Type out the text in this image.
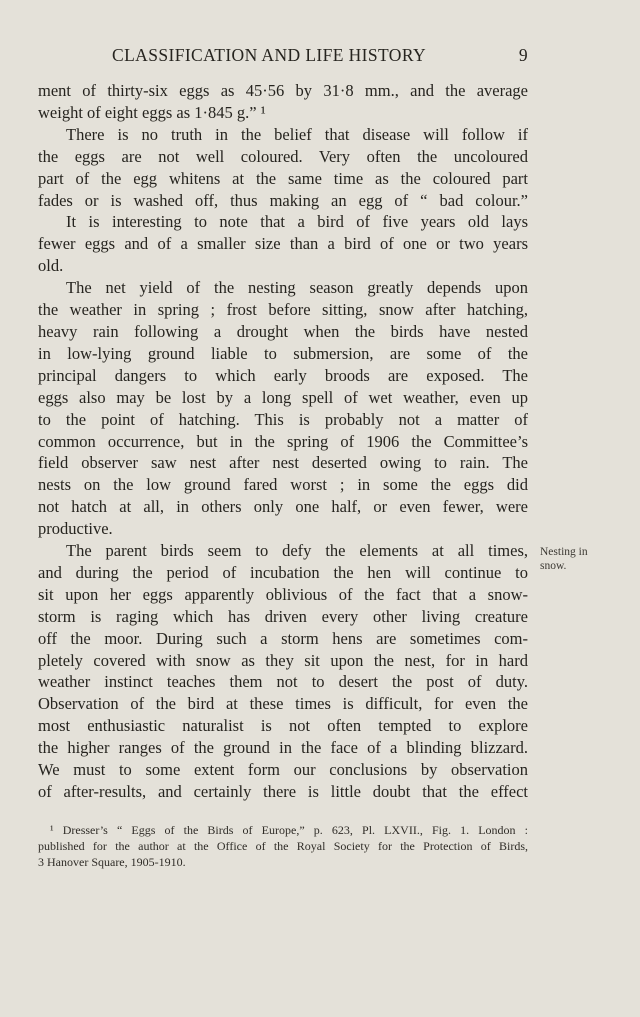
CLASSIFICATION AND LIFE HISTORY	9
ment of thirty-six eggs as 45·56 by 31·8 mm., and the average
weight of eight eggs as 1·845 g.” ¹
There is no truth in the belief that disease will follow if
the eggs are not well coloured. Very often the uncoloured
part of the egg whitens at the same time as the coloured part
fades or is washed off, thus making an egg of “ bad colour.”
It is interesting to note that a bird of five years old lays
fewer eggs and of a smaller size than a bird of one or two years
old.
The net yield of the nesting season greatly depends upon
the weather in spring ; frost before sitting, snow after hatching,
heavy rain following a drought when the birds have nested
in low-lying ground liable to submersion, are some of the
principal dangers to which early broods are exposed. The
eggs also may be lost by a long spell of wet weather, even up
to the point of hatching. This is probably not a matter of
common occurrence, but in the spring of 1906 the Committee’s
field observer saw nest after nest deserted owing to rain. The
nests on the low ground fared worst ; in some the eggs did
not hatch at all, in others only one half, or even fewer, were
productive.
The parent birds seem to defy the elements at all times,
and during the period of incubation the hen will continue to
sit upon her eggs apparently oblivious of the fact that a snow-
storm is raging which has driven every other living creature
off the moor. During such a storm hens are sometimes com-
pletely covered with snow as they sit upon the nest, for in hard
weather instinct teaches them not to desert the post of duty.
Observation of the bird at these times is difficult, for even the
most enthusiastic naturalist is not often tempted to explore
the higher ranges of the ground in the face of a blinding blizzard.
We must to some extent form our conclusions by observation
of after-results, and certainly there is little doubt that the effect
Nesting in
snow.
¹ Dresser’s “ Eggs of the Birds of Europe,” p. 623, Pl. LXVII., Fig. 1. London :
published for the author at the Office of the Royal Society for the Protection of Birds,
3 Hanover Square, 1905-1910.
